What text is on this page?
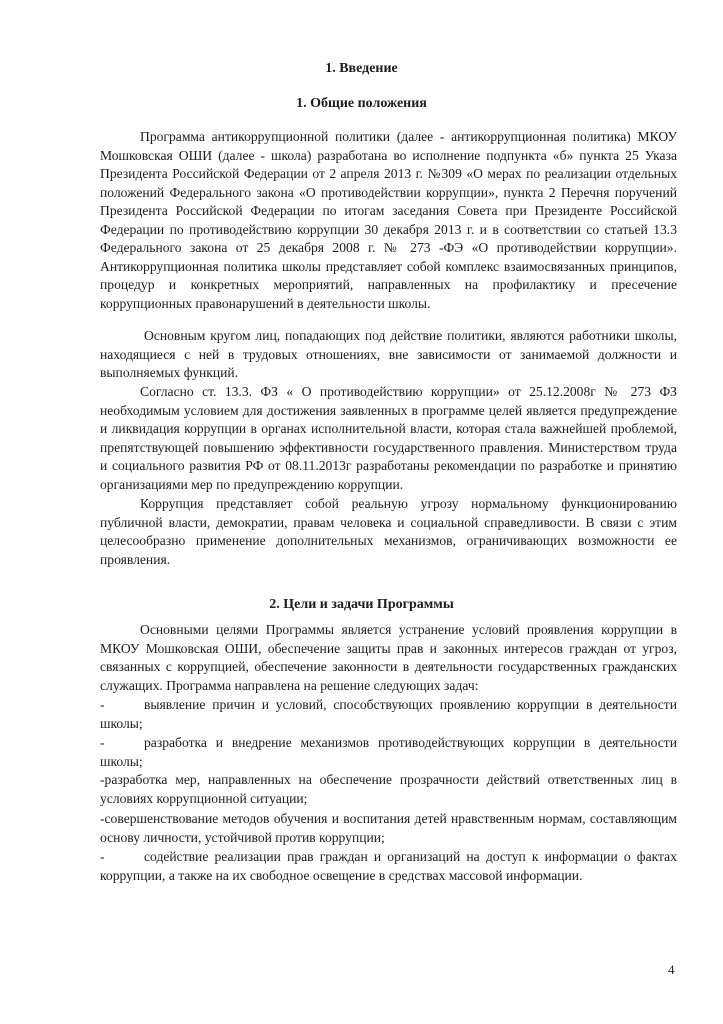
1. Введение
1. Общие положения

Программа антикоррупционной политики (далее - антикоррупционная политика) МКОУ Мошковская ОШИ (далее - школа) разработана во исполнение подпункта «б» пункта 25 Указа Президента Российской Федерации от 2 апреля 2013 г. №309 «О мерах по реализации отдельных положений Федерального закона «О противодействии коррупции», пункта 2 Перечня поручений Президента Российской Федерации по итогам заседания Совета при Президенте Российской Федерации по противодействию коррупции 30 декабря 2013 г. и в соответствии со статьей 13.3 Федерального закона от 25 декабря 2008 г. № 273 -ФЭ «О противодействии коррупции». Антикоррупционная политика школы представляет собой комплекс взаимосвязанных принципов, процедур и конкретных мероприятий, направленных на профилактику и пресечение коррупционных правонарушений в деятельности школы.

Основным кругом лиц, попадающих под действие политики, являются работники школы, находящиеся с ней в трудовых отношениях, вне зависимости от занимаемой должности и выполняемых функций.

Согласно ст. 13.3. ФЗ « О противодействию коррупции» от 25.12.2008г № 273 ФЗ необходимым условием для достижения заявленных в программе целей является предупреждение и ликвидация коррупции в органах исполнительной власти, которая стала важнейшей проблемой, препятствующей повышению эффективности государственного правления. Министерством труда и социального развития РФ от 08.11.2013г разработаны рекомендации по разработке и принятию организациями мер по предупреждению коррупции.

Коррупция представляет собой реальную угрозу нормальному функционированию публичной власти, демократии, правам человека и социальной справедливости. В связи с этим целесообразно применение дополнительных механизмов, ограничивающих возможности ее проявления.

2. Цели и задачи Программы

Основными целями Программы является устранение условий проявления коррупции в МКОУ Мошковская ОШИ, обеспечение защиты прав и законных интересов граждан от угроз, связанных с коррупцией, обеспечение законности в деятельности государственных гражданских служащих. Программа направлена на решение следующих задач:

-	выявление причин и условий, способствующих проявлению коррупции в деятельности школы;

-	разработка и внедрение механизмов противодействующих коррупции в деятельности школы;

-разработка мер, направленных на обеспечение прозрачности действий ответственных лиц в условиях коррупционной ситуации;

-совершенствование методов обучения и воспитания детей нравственным нормам, составляющим основу личности, устойчивой против коррупции;

-	содействие реализации прав граждан и организаций на доступ к информации о фактах коррупции, а также на их свободное освещение в средствах массовой информации.

4
